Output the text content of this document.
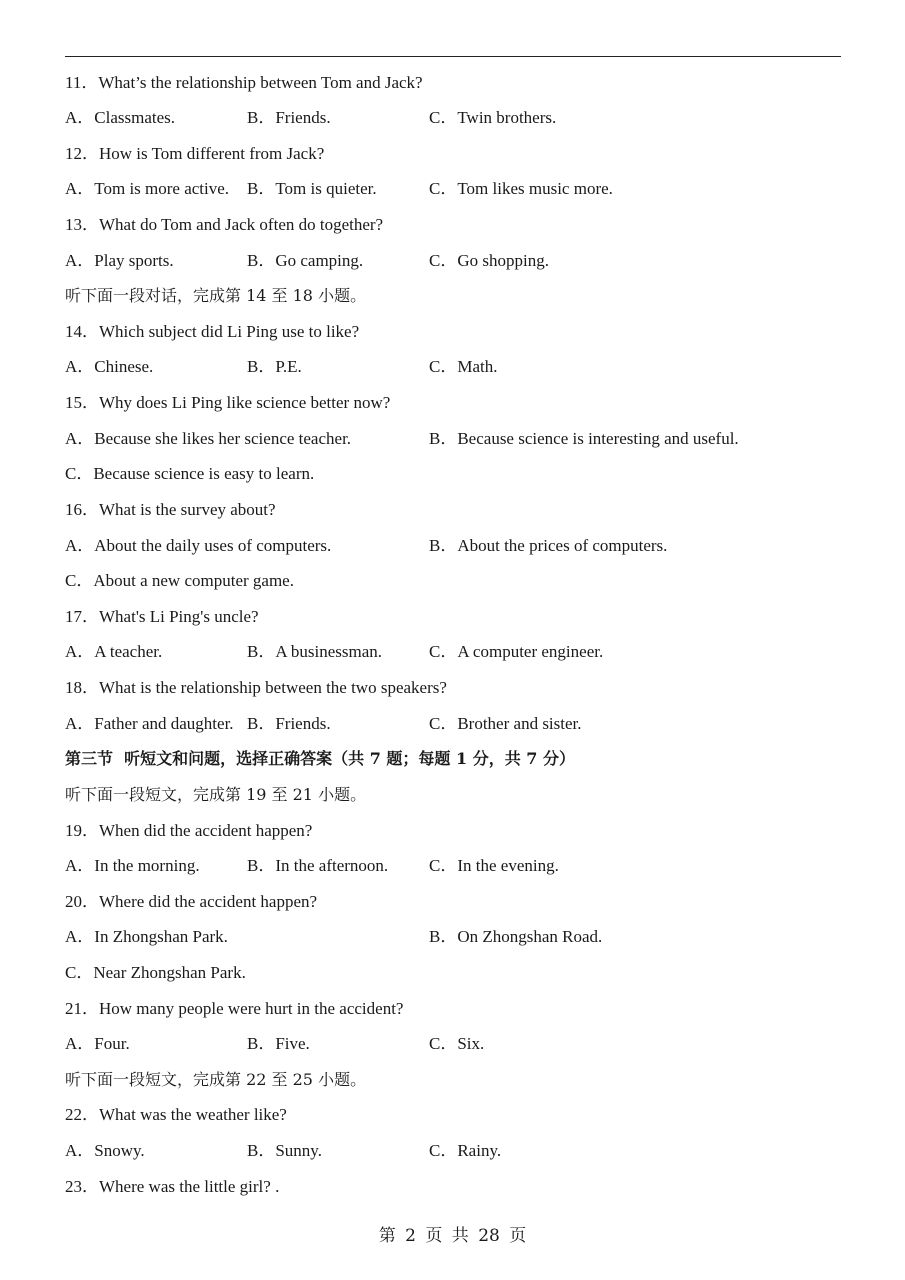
11．What’s the relationship between Tom and Jack?
A．Classmates.	B．Friends.	C．Twin brothers.
12．How is Tom different from Jack?
A．Tom is more active. B．Tom is quieter.	C．Tom likes music more.
13．What do Tom and Jack often do together?
A．Play sports.	B．Go camping.	C．Go shopping.
听下面一段对话，完成第 14 至 18 小题。
14．Which subject did Li Ping use to like?
A．Chinese.	B．P.E.	C．Math.
15．Why does Li Ping like science better now?
A．Because she likes her science teacher.	B．Because science is interesting and useful.
C．Because science is easy to learn.
16．What is the survey about?
A．About the daily uses of computers.	B．About the prices of computers.
C．About a new computer game.
17．What's Li Ping's uncle?
A．A teacher.	B．A businessman.	C．A computer engineer.
18．What is the relationship between the two speakers?
A．Father and daughter. B．Friends.	C．Brother and sister.
第三节  听短文和问题，选择正确答案（共 7 题；每题 1 分，共 7 分）
听下面一段短文，完成第 19 至 21 小题。
19．When did the accident happen?
A．In the morning.	B．In the afternoon. C．In the evening.
20．Where did the accident happen?
A．In Zhongshan Park.	B．On Zhongshan Road.
C．Near Zhongshan Park.
21．How many people were hurt in the accident?
A．Four.	B．Five.	C．Six.
听下面一段短文，完成第 22 至 25 小题。
22．What was the weather like?
A．Snowy.	B．Sunny.	C．Rainy.
23．Where was the little girl? .
第 2 页 共 28 页
